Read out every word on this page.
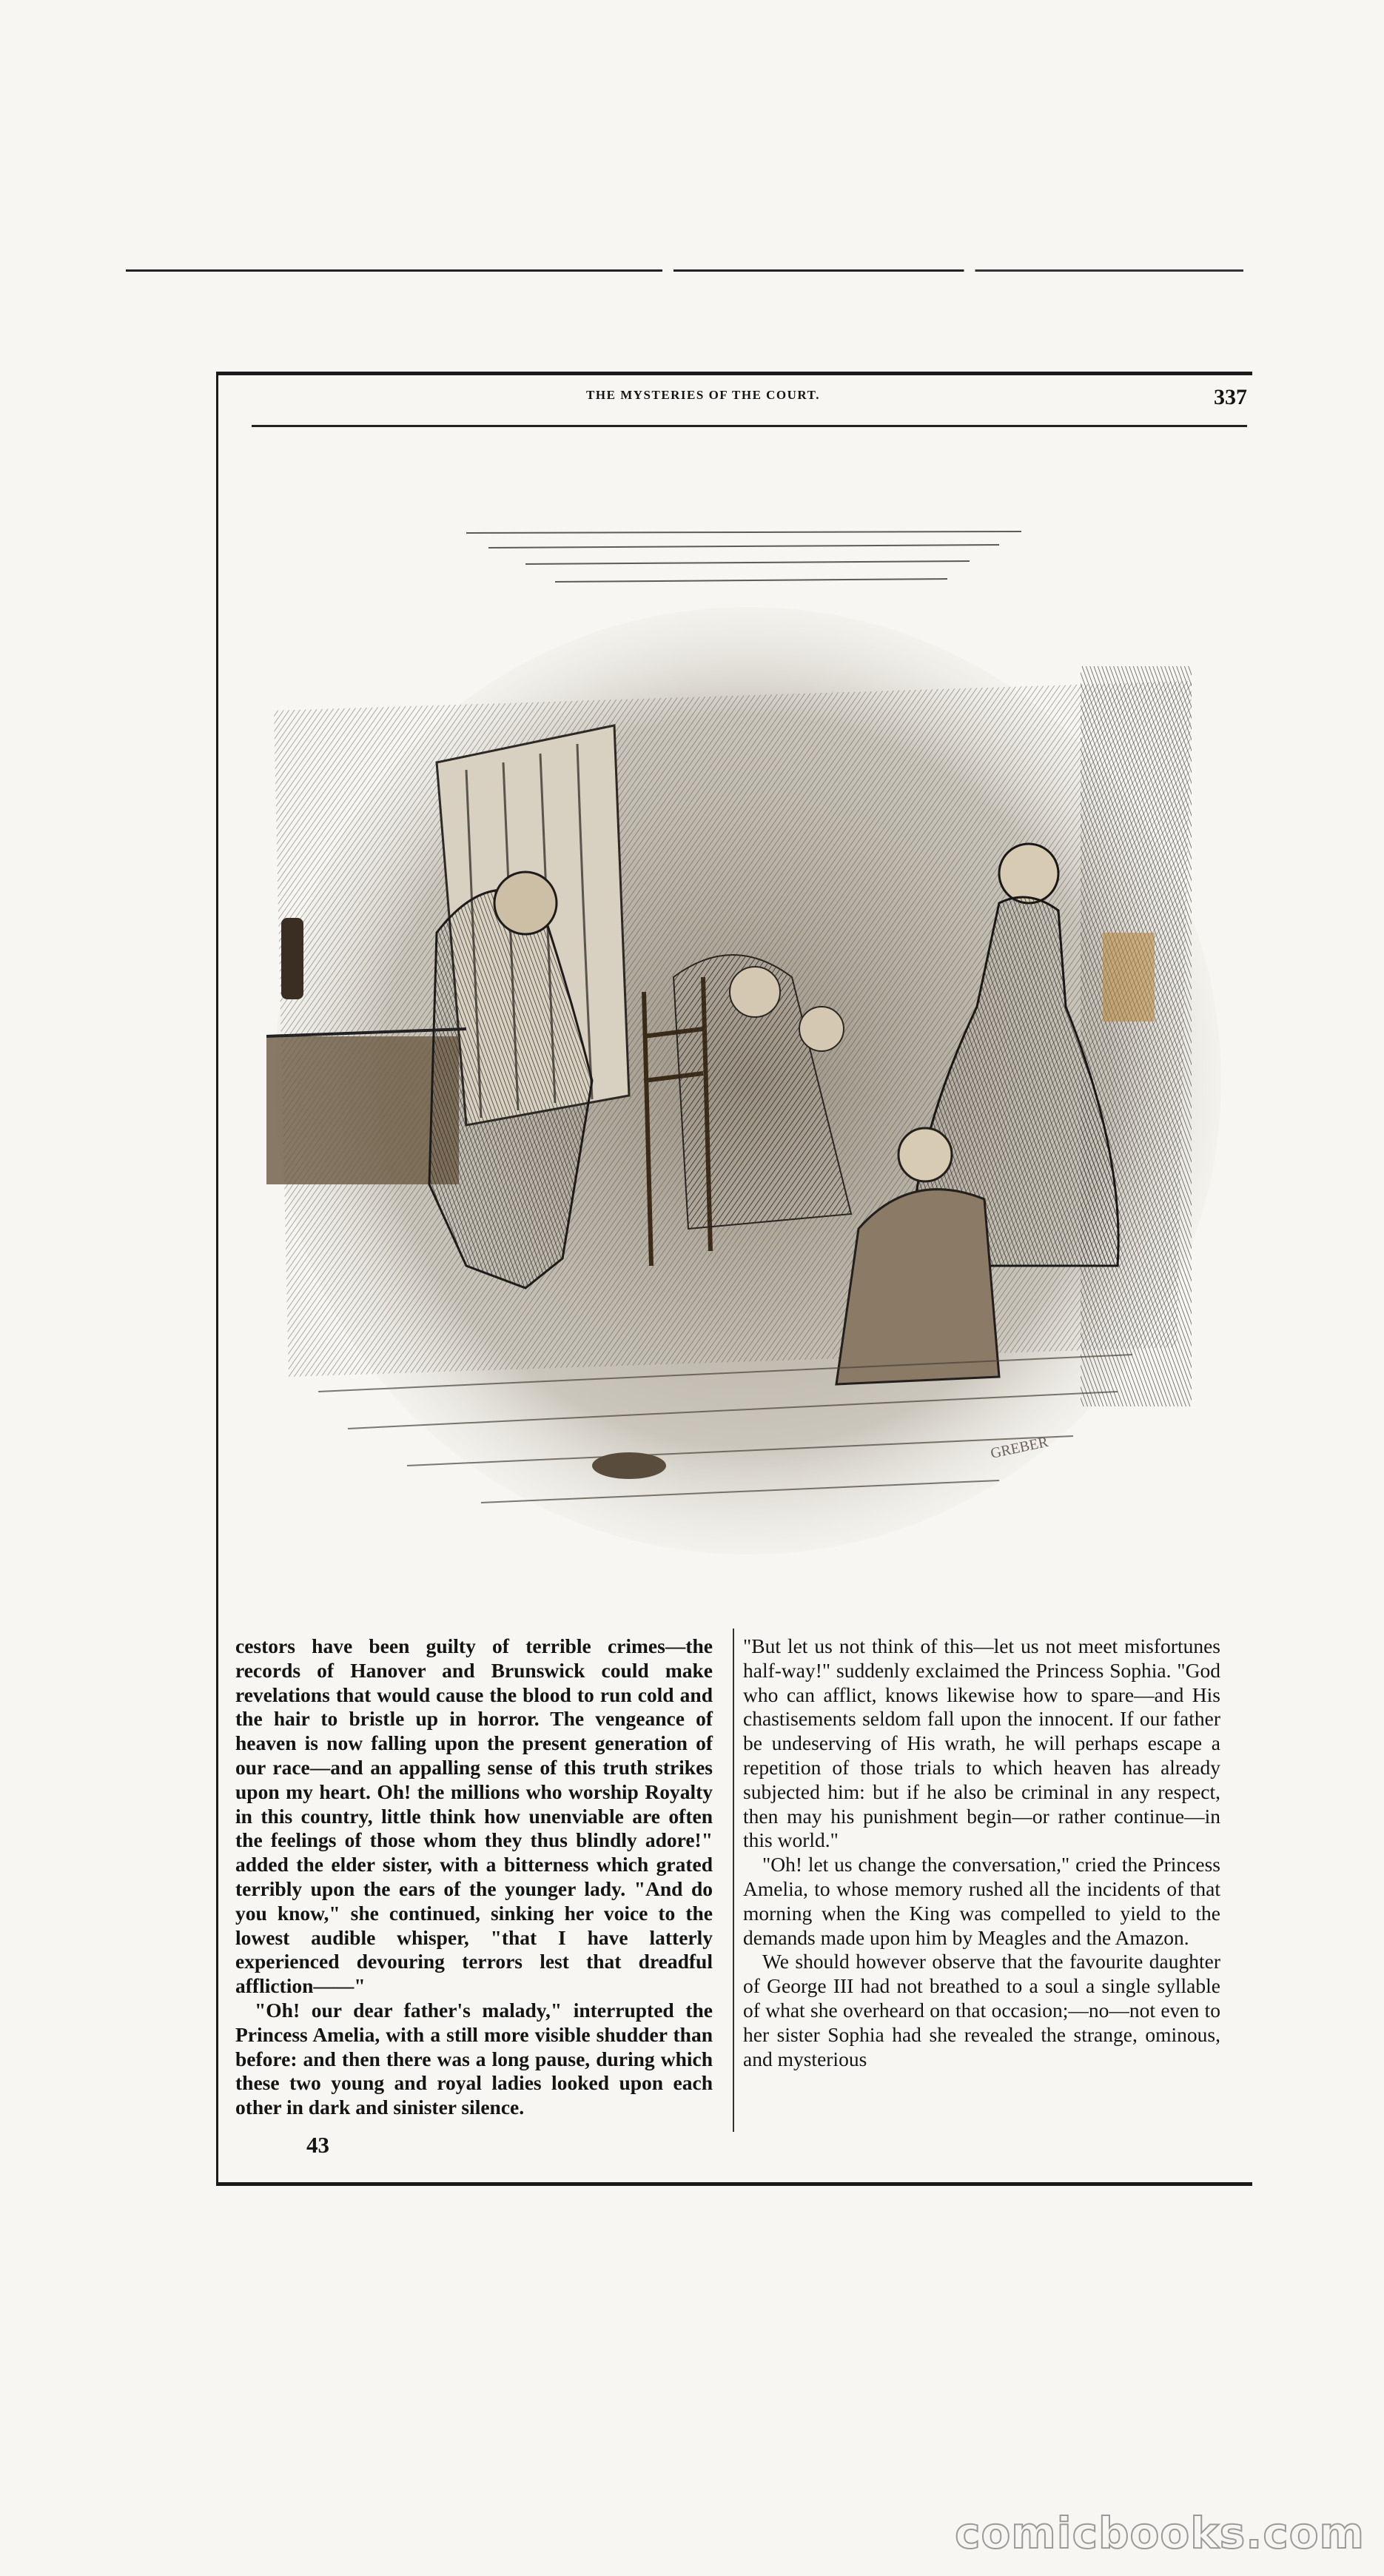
THE MYSTERIES OF THE COURT.	337
GREBER

cestors have been guilty of terrible crimes—the records of Hanover and Brunswick could make revelations that would cause the blood to run cold and the hair to bristle up in horror. The vengeance of heaven is now falling upon the present generation of our race—and an appalling sense of this truth strikes upon my heart. Oh! the millions who worship Royalty in this country, little think how unenviable are often the feelings of those whom they thus blindly adore!" added the elder sister, with a bitterness which grated terribly upon the ears of the younger lady. "And do you know," she continued, sinking her voice to the lowest audible whisper, "that I have latterly experienced devouring terrors lest that dreadful affliction——"

"Oh! our dear father's malady," interrupted the Princess Amelia, with a still more visible shudder than before: and then there was a long pause, during which these two young and royal ladies looked upon each other in dark and sinister silence.

"But let us not think of this—let us not meet misfortunes half-way!" suddenly exclaimed the Princess Sophia. "God who can afflict, knows likewise how to spare—and His chastisements seldom fall upon the innocent. If our father be undeserving of His wrath, he will perhaps escape a repetition of those trials to which heaven has already subjected him: but if he also be criminal in any respect, then may his punishment begin—or rather continue—in this world."

"Oh! let us change the conversation," cried the Princess Amelia, to whose memory rushed all the incidents of that morning when the King was compelled to yield to the demands made upon him by Meagles and the Amazon.

We should however observe that the favourite daughter of George III had not breathed to a soul a single syllable of what she overheard on that occasion;—no—not even to her sister Sophia had she revealed the strange, ominous, and mysterious

43
comicbooks.com
